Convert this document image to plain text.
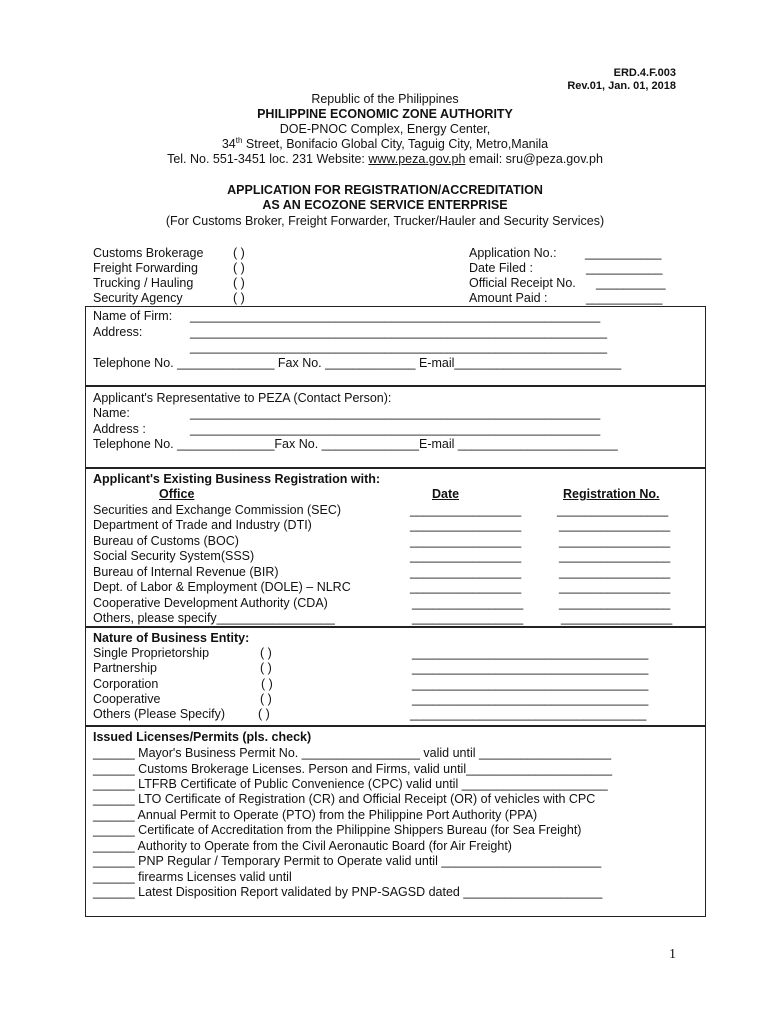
ERD.4.F.003
Rev.01, Jan. 01, 2018
Republic of the Philippines
PHILIPPINE ECONOMIC ZONE AUTHORITY
DOE-PNOC Complex, Energy Center,
34th Street, Bonifacio Global City, Taguig City, Metro,Manila
Tel. No. 551-3451 loc. 231 Website: www.peza.gov.ph email: sru@peza.gov.ph
APPLICATION FOR REGISTRATION/ACCREDITATION
AS AN ECOZONE SERVICE ENTERPRISE
(For Customs Broker, Freight Forwarder, Trucker/Hauler and Security Services)
Customs Brokerage ( )
Freight Forwarding	( )
Trucking / Hauling	( )
Security Agency	( )
Application No.: ___________
Date Filed :	___________
Official Receipt No. __________
Amount Paid :	___________
Name of Firm: ___________________________________________________________
Address:	____________________________________________________________
____________________________________________________________
Telephone No. ______________ Fax No. _____________ E-mail________________________
Applicant's Representative to PEZA (Contact Person):
Name:	___________________________________________________________
Address :	___________________________________________________________
Telephone No. ______________Fax No. ______________E-mail _______________________
Applicant's Existing Business Registration with:
Office	Date	Registration No.
Securities and Exchange Commission (SEC)	________________	________________
Department of Trade and Industry (DTI)	________________	________________
Bureau of Customs (BOC)	________________	________________
Social Security System(SSS)	________________	________________
Bureau of Internal Revenue (BIR)	________________	________________
Dept. of Labor & Employment (DOLE) – NLRC	________________	________________
Cooperative Development Authority (CDA)	________________	________________
Others, please specify_________________	________________	________________
Nature of Business Entity:
Single Proprietorship	( )	__________________________________
Partnership	( )	__________________________________
Corporation	( )	__________________________________
Cooperative	( )	__________________________________
Others (Please Specify)	( )	__________________________________
Issued Licenses/Permits (pls. check)
______ Mayor's Business Permit No. _________________ valid until ___________________
______ Customs Brokerage Licenses. Person and Firms, valid until_____________________
______ LTFRB Certificate of Public Convenience (CPC) valid until _____________________
______ LTO Certificate of Registration (CR) and Official Receipt (OR) of vehicles with CPC
______ Annual Permit to Operate (PTO) from the Philippine Port Authority (PPA)
______ Certificate of Accreditation from the Philippine Shippers Bureau (for Sea Freight)
______ Authority to Operate from the Civil Aeronautic Board (for Air Freight)
______ PNP Regular / Temporary Permit to Operate valid until _______________________
______ firearms Licenses valid until
______ Latest Disposition Report validated by PNP-SAGSD dated ____________________
1
